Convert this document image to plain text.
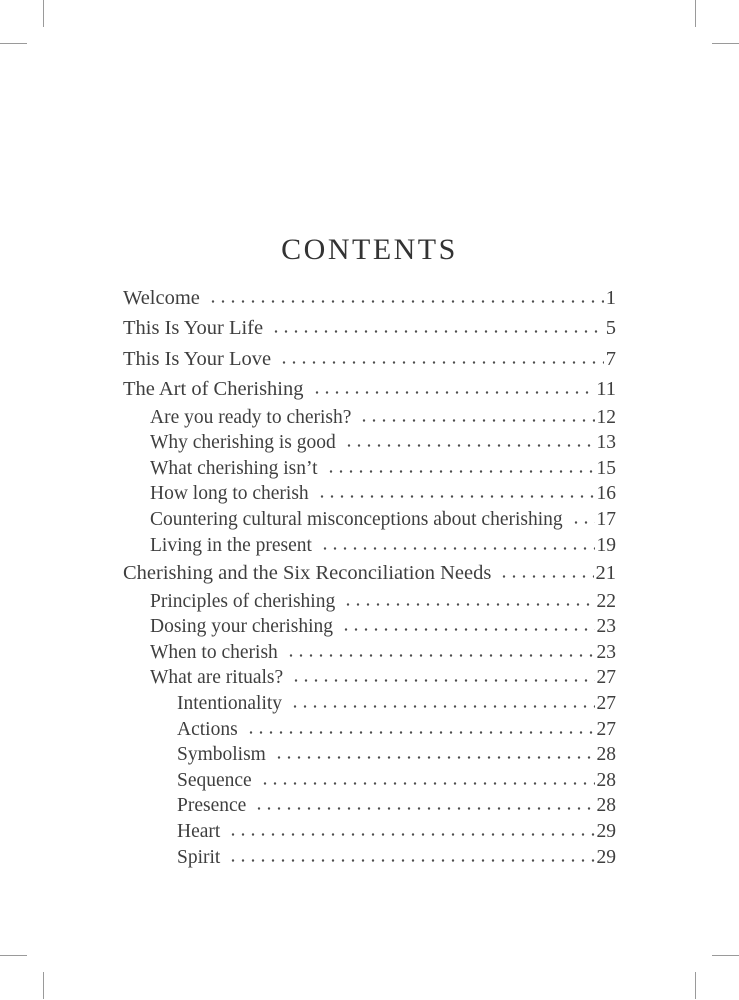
CONTENTS
Welcome	1
This Is Your Life	5
This Is Your Love	7
The Art of Cherishing	11
Are you ready to cherish?	12
Why cherishing is good	13
What cherishing isn’t	15
How long to cherish	16
Countering cultural misconceptions about cherishing 17
Living in the present	19
Cherishing and the Six Reconciliation Needs	21
Principles of cherishing	22
Dosing your cherishing	23
When to cherish	23
What are rituals?	27
Intentionality	27
Actions	27
Symbolism	28
Sequence	28
Presence	28
Heart	29
Spirit	29
